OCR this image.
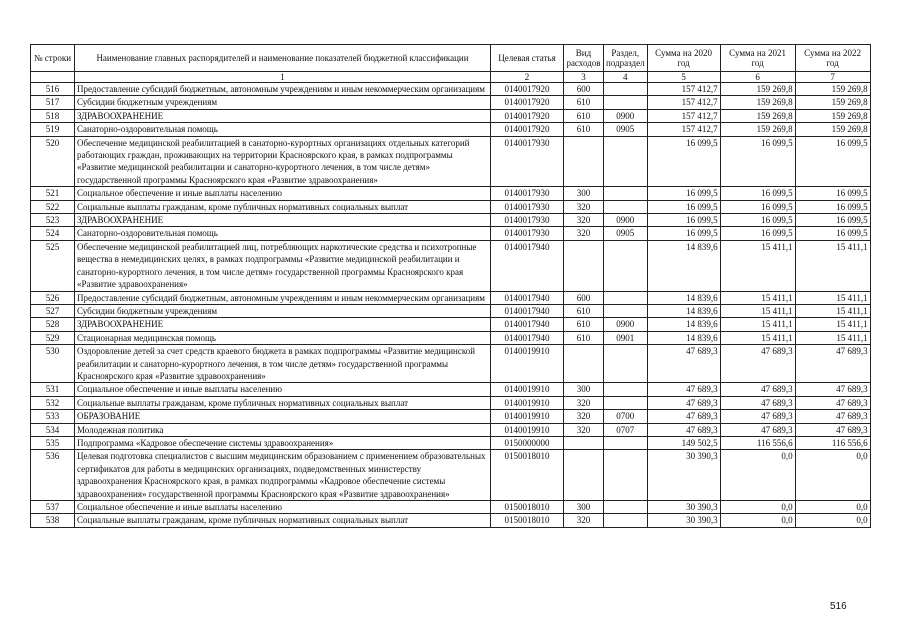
№ строки	Наименование главных распорядителей и наименование показателей бюджетной классификации	Целевая статья	Вид расходов	Раздел, подраздел	Сумма на 2020 год	Сумма на 2021 год	Сумма на 2022 год
	1	2	3	4	5	6	7
516	Предоставление субсидий бюджетным, автономным учреждениям и иным некоммерческим организациям	0140017920	600		157 412,7	159 269,8	159 269,8
517	Субсидии бюджетным учреждениям	0140017920	610		157 412,7	159 269,8	159 269,8
518	ЗДРАВООХРАНЕНИЕ	0140017920	610	0900	157 412,7	159 269,8	159 269,8
519	Санаторно-оздоровительная помощь	0140017920	610	0905	157 412,7	159 269,8	159 269,8
520	Обеспечение медицинской реабилитацией в санаторно-курортных организациях отдельных категорий работающих граждан, проживающих на территории Красноярского края, в рамках подпрограммы «Развитие медицинской реабилитации и санаторно-курортного лечения, в том числе детям» государственной программы Красноярского края «Развитие здравоохранения»	0140017930			16 099,5	16 099,5	16 099,5
521	Социальное обеспечение и иные выплаты населению	0140017930	300		16 099,5	16 099,5	16 099,5
522	Социальные выплаты гражданам, кроме публичных нормативных социальных выплат	0140017930	320		16 099,5	16 099,5	16 099,5
523	ЗДРАВООХРАНЕНИЕ	0140017930	320	0900	16 099,5	16 099,5	16 099,5
524	Санаторно-оздоровительная помощь	0140017930	320	0905	16 099,5	16 099,5	16 099,5
525	Обеспечение медицинской реабилитацией лиц, потребляющих наркотические средства и психотропные вещества в немедицинских целях, в рамках подпрограммы «Развитие медицинской реабилитации и санаторно-курортного лечения, в том числе детям» государственной программы Красноярского края «Развитие здравоохранения»	0140017940			14 839,6	15 411,1	15 411,1
526	Предоставление субсидий бюджетным, автономным учреждениям и иным некоммерческим организациям	0140017940	600		14 839,6	15 411,1	15 411,1
527	Субсидии бюджетным учреждениям	0140017940	610		14 839,6	15 411,1	15 411,1
528	ЗДРАВООХРАНЕНИЕ	0140017940	610	0900	14 839,6	15 411,1	15 411,1
529	Стационарная медицинская помощь	0140017940	610	0901	14 839,6	15 411,1	15 411,1
530	Оздоровление детей за счет средств краевого бюджета в рамках подпрограммы «Развитие медицинской реабилитации и санаторно-курортного лечения, в том числе детям» государственной программы Красноярского края «Развитие здравоохранения»	0140019910			47 689,3	47 689,3	47 689,3
531	Социальное обеспечение и иные выплаты населению	0140019910	300		47 689,3	47 689,3	47 689,3
532	Социальные выплаты гражданам, кроме публичных нормативных социальных выплат	0140019910	320		47 689,3	47 689,3	47 689,3
533	ОБРАЗОВАНИЕ	0140019910	320	0700	47 689,3	47 689,3	47 689,3
534	Молодежная политика	0140019910	320	0707	47 689,3	47 689,3	47 689,3
535	Подпрограмма «Кадровое обеспечение системы здравоохранения»	0150000000			149 502,5	116 556,6	116 556,6
536	Целевая подготовка специалистов с высшим медицинским образованием с применением образовательных сертификатов для работы в медицинских организациях, подведомственных министерству здравоохранения Красноярского края, в рамках подпрограммы «Кадровое обеспечение системы здравоохранения» государственной программы Красноярского края «Развитие здравоохранения»	0150018010			30 390,3	0,0	0,0
537	Социальное обеспечение и иные выплаты населению	0150018010	300		30 390,3	0,0	0,0
538	Социальные выплаты гражданам, кроме публичных нормативных социальных выплат	0150018010	320		30 390,3	0,0	0,0
516
